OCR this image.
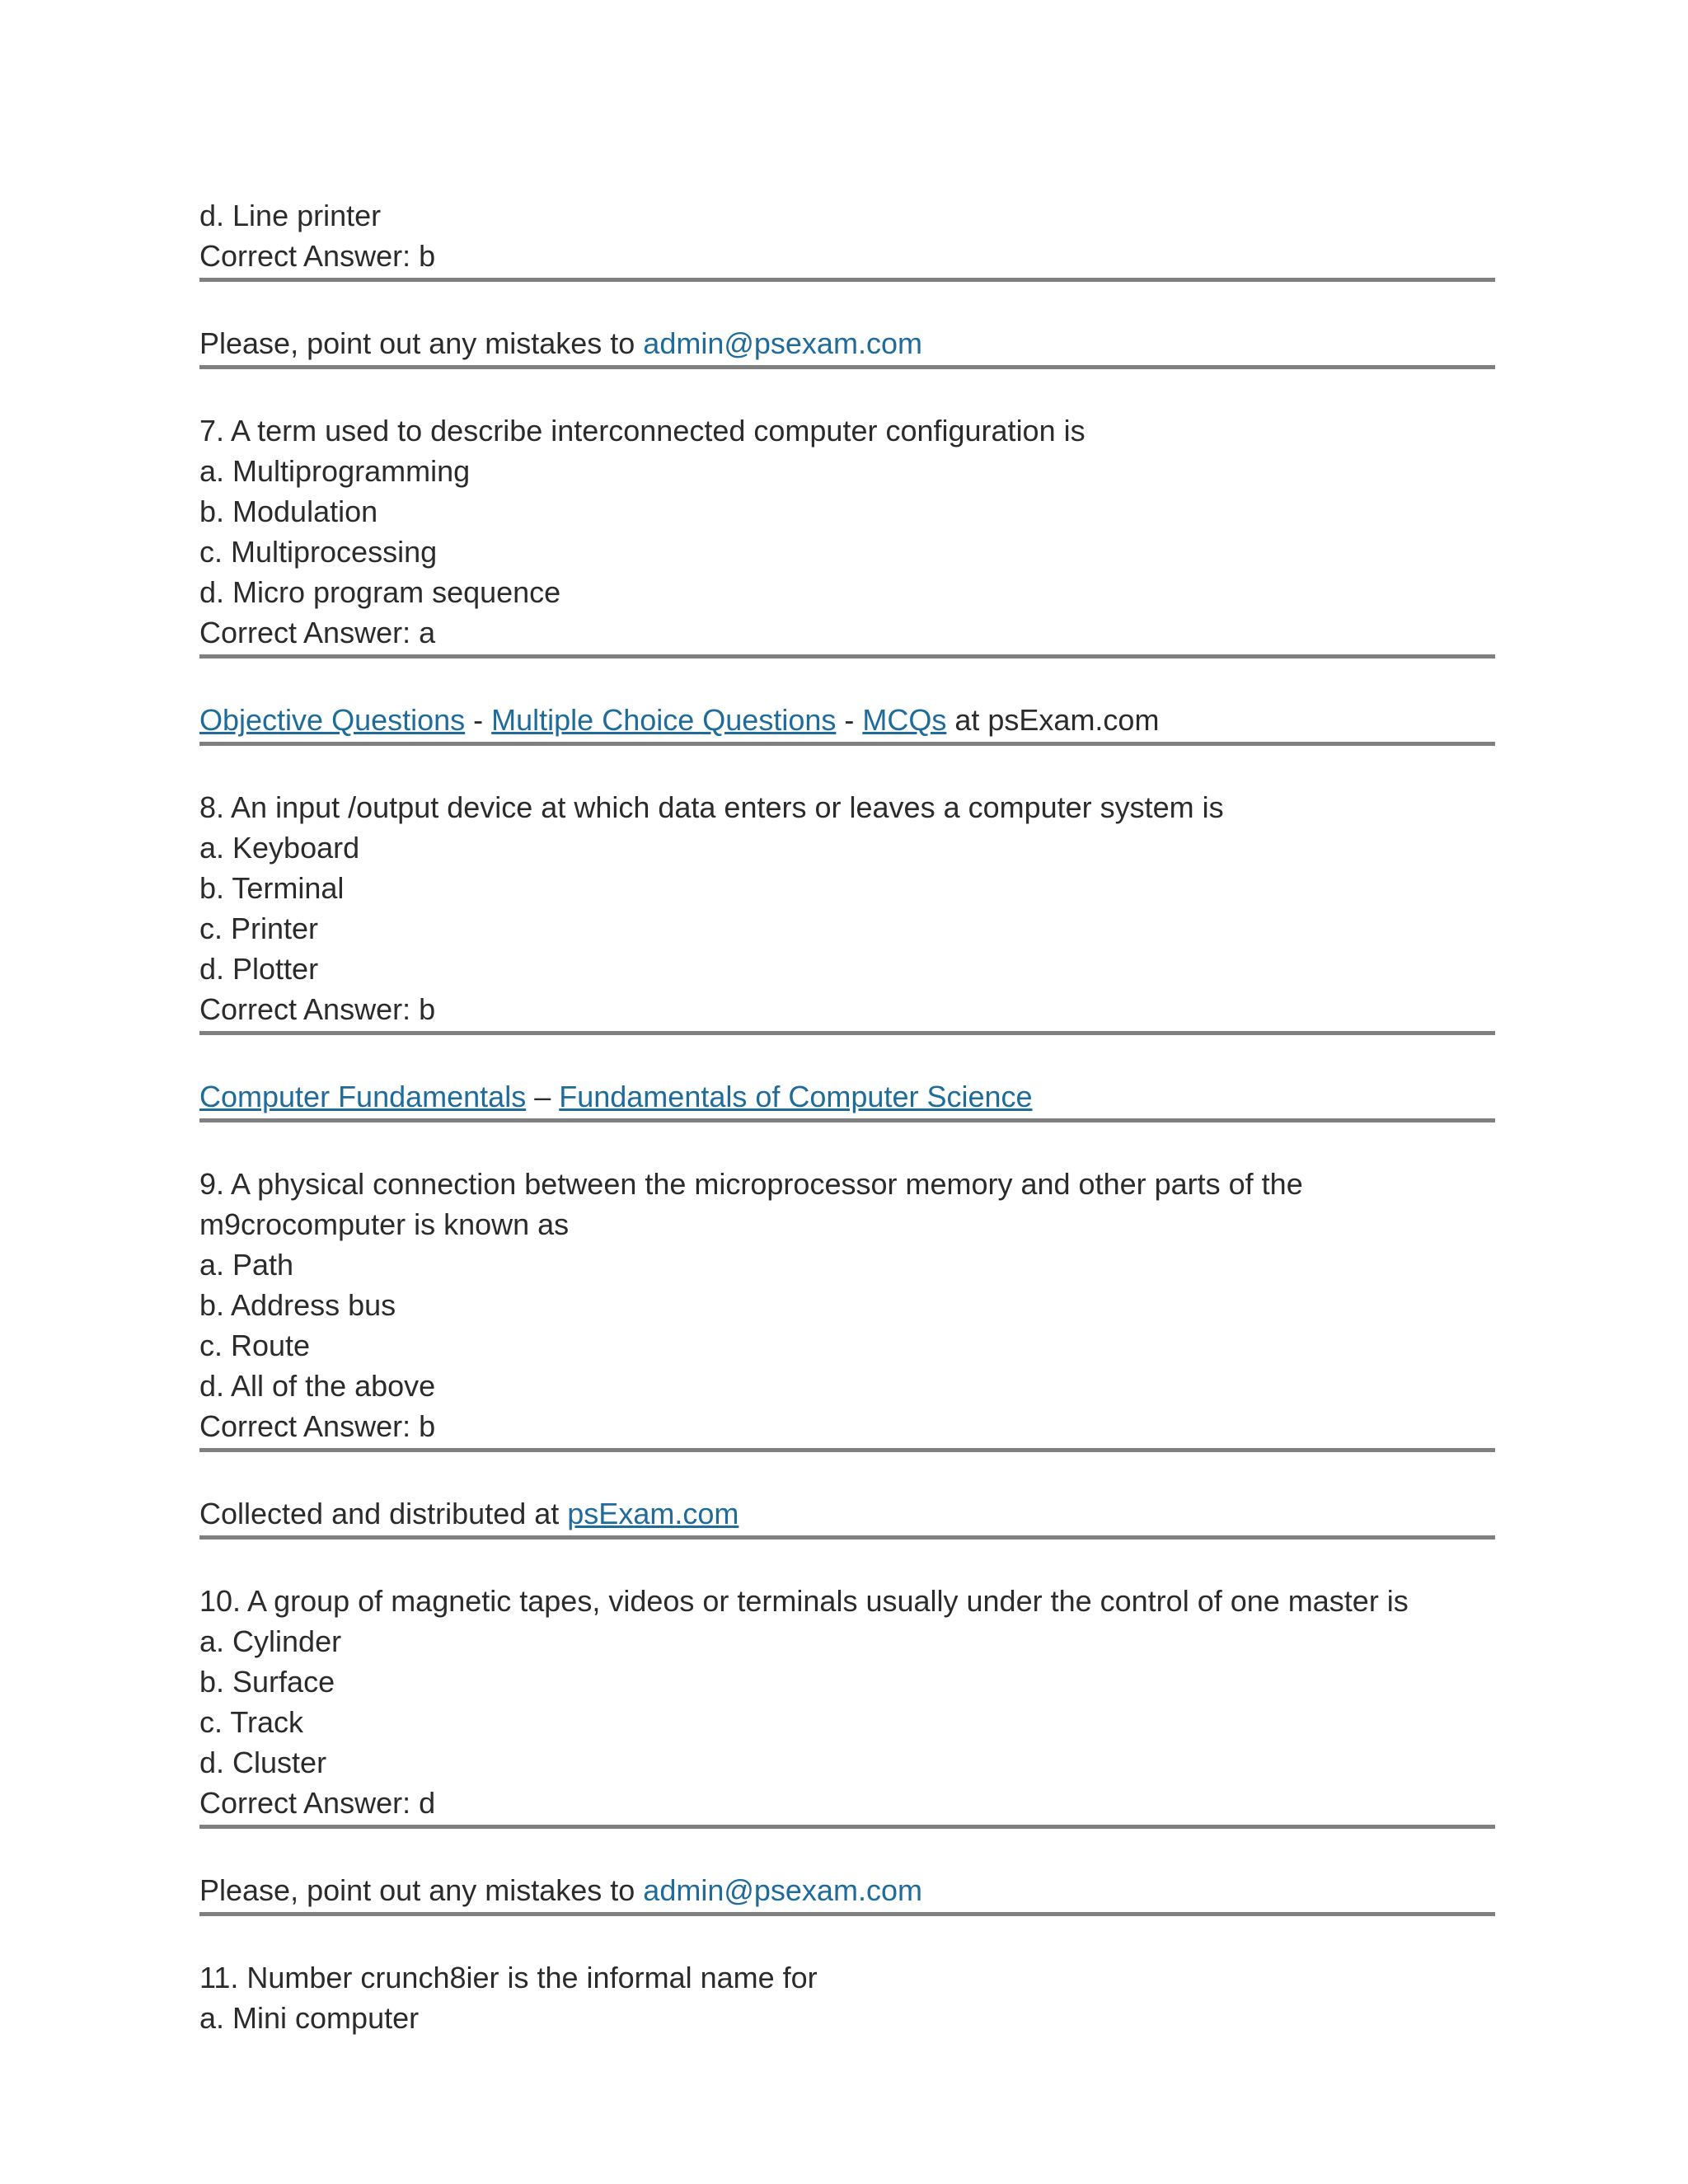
d. Line printer
Correct Answer: b
Please, point out any mistakes to admin@psexam.com
7. A term used to describe interconnected computer configuration is
a. Multiprogramming
b. Modulation
c. Multiprocessing
d. Micro program sequence
Correct Answer: a
Objective Questions - Multiple Choice Questions - MCQs at psExam.com
8. An input /output device at which data enters or leaves a computer system is
a. Keyboard
b. Terminal
c. Printer
d. Plotter
Correct Answer: b
Computer Fundamentals – Fundamentals of Computer Science
9. A physical connection between the microprocessor memory and other parts of the
m9crocomputer is known as
a. Path
b. Address bus
c. Route
d. All of the above
Correct Answer: b
Collected and distributed at psExam.com
10. A group of magnetic tapes, videos or terminals usually under the control of one master is
a. Cylinder
b. Surface
c. Track
d. Cluster
Correct Answer: d
Please, point out any mistakes to admin@psexam.com
11. Number crunch8ier is the informal name for
a. Mini computer
